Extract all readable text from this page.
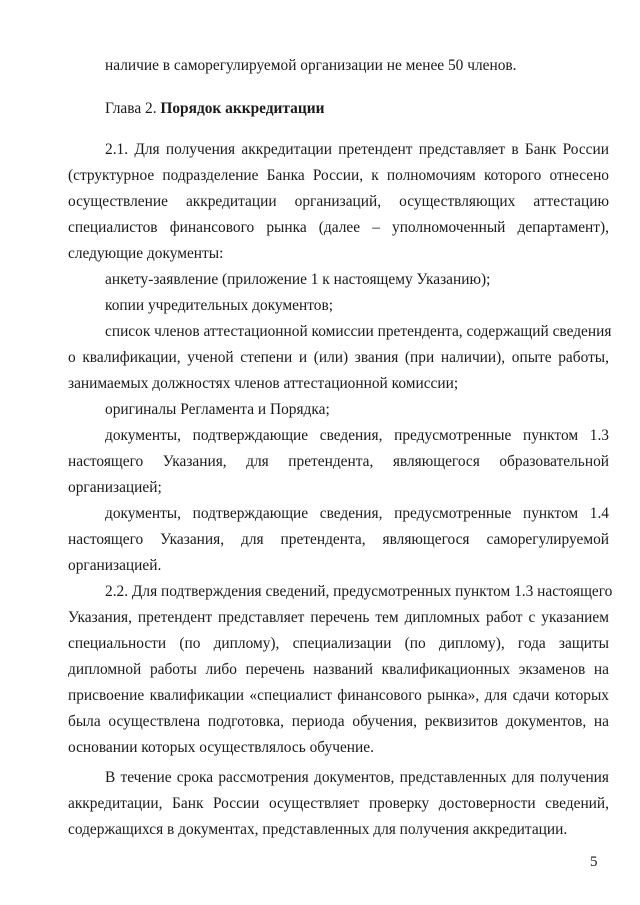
наличие в саморегулируемой организации не менее 50 членов.
Глава 2. Порядок аккредитации
2.1. Для получения аккредитации претендент представляет в Банк России
(структурное подразделение Банка России, к полномочиям которого отнесено
осуществление аккредитации организаций, осуществляющих аттестацию
специалистов финансового рынка (далее – уполномоченный департамент),
следующие документы:
анкету-заявление (приложение 1 к настоящему Указанию);
копии учредительных документов;
список членов аттестационной комиссии претендента, содержащий сведения
о квалификации, ученой степени и (или) звания (при наличии), опыте работы,
занимаемых должностях членов аттестационной комиссии;
оригиналы Регламента и Порядка;
документы, подтверждающие сведения, предусмотренные пунктом 1.3
настоящего Указания, для претендента, являющегося образовательной
организацией;
документы, подтверждающие сведения, предусмотренные пунктом 1.4
настоящего Указания, для претендента, являющегося саморегулируемой
организацией.
2.2. Для подтверждения сведений, предусмотренных пунктом 1.3 настоящего
Указания, претендент представляет перечень тем дипломных работ с указанием
специальности (по диплому), специализации (по диплому), года защиты
дипломной работы либо перечень названий квалификационных экзаменов на
присвоение квалификации «специалист финансового рынка», для сдачи которых
была осуществлена подготовка, периода обучения, реквизитов документов, на
основании которых осуществлялось обучение.
В течение срока рассмотрения документов, представленных для получения
аккредитации, Банк России осуществляет проверку достоверности сведений,
содержащихся в документах, представленных для получения аккредитации.
5
